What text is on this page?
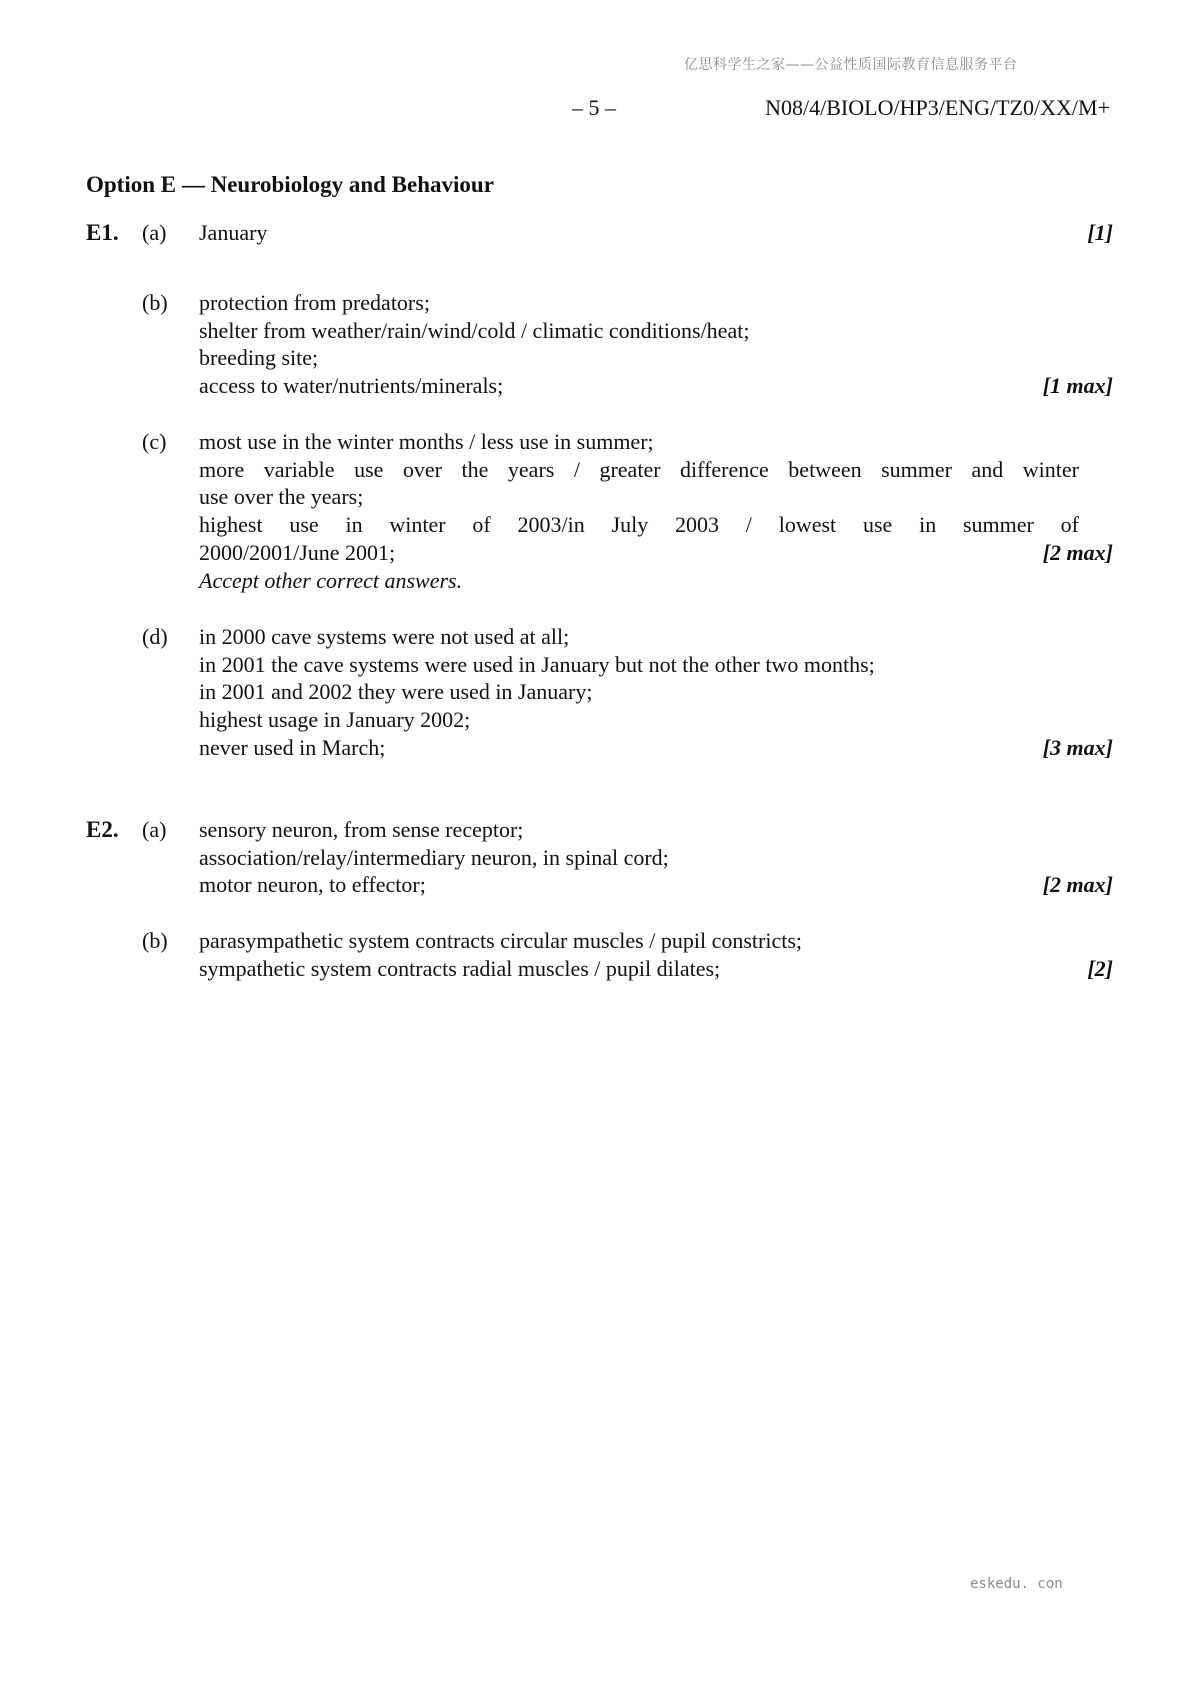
亿思科学生之家——公益性质国际教育信息服务平台
– 5 –	N08/4/BIOLO/HP3/ENG/TZ0/XX/M+
Option E — Neurobiology and Behaviour
E1. (a) January	[1]
(b) protection from predators;
shelter from weather/rain/wind/cold / climatic conditions/heat;
breeding site;
access to water/nutrients/minerals;	[1 max]
(c) most use in the winter months / less use in summer;
more variable use over the years / greater difference between summer and winter
use over the years;
highest use in winter of 2003/in July 2003 / lowest use in summer of
2000/2001/June 2001;
Accept other correct answers.
[2 max]
(d) in 2000 cave systems were not used at all;
in 2001 the cave systems were used in January but not the other two months;
in 2001 and 2002 they were used in January;
highest usage in January 2002;
never used in March;	[3 max]
E2. (a) sensory neuron, from sense receptor;
association/relay/intermediary neuron, in spinal cord;
motor neuron, to effector;	[2 max]
(b) parasympathetic system contracts circular muscles / pupil constricts;
sympathetic system contracts radial muscles / pupil dilates;	[2]
eskedu. con
